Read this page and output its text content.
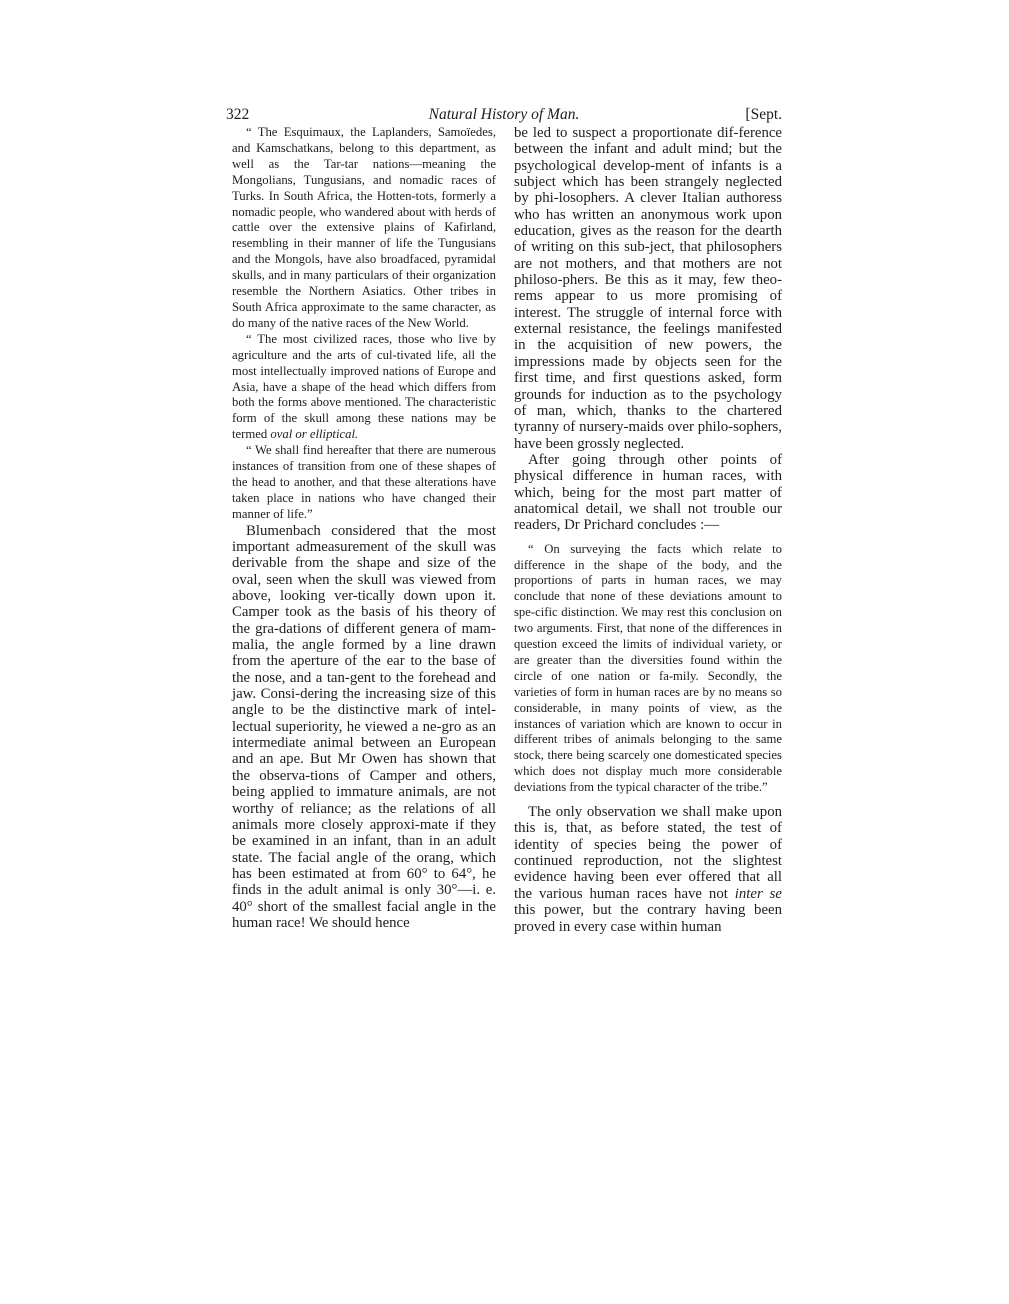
322	Natural History of Man.	[Sept.

“ The Esquimaux, the Laplanders, Samoïedes, and Kamschatkans, belong to this department, as well as the Tar-tar nations—meaning the Mongolians, Tungusians, and nomadic races of Turks. In South Africa, the Hotten-tots, formerly a nomadic people, who wandered about with herds of cattle over the extensive plains of Kafirland, resembling in their manner of life the Tungusians and the Mongols, have also broadfaced, pyramidal skulls, and in many particulars of their organization resemble the Northern Asiatics. Other tribes in South Africa approximate to the same character, as do many of the native races of the New World.

“ The most civilized races, those who live by agriculture and the arts of cul-tivated life, all the most intellectually improved nations of Europe and Asia, have a shape of the head which differs from both the forms above mentioned. The characteristic form of the skull among these nations may be termed oval or elliptical.

“ We shall find hereafter that there are numerous instances of transition from one of these shapes of the head to another, and that these alterations have taken place in nations who have changed their manner of life.”

Blumenbach considered that the most important admeasurement of the skull was derivable from the shape and size of the oval, seen when the skull was viewed from above, looking ver-tically down upon it. Camper took as the basis of his theory of the gra-dations of different genera of mam-malia, the angle formed by a line drawn from the aperture of the ear to the base of the nose, and a tan-gent to the forehead and jaw. Consi-dering the increasing size of this angle to be the distinctive mark of intel-lectual superiority, he viewed a ne-gro as an intermediate animal between an European and an ape. But Mr Owen has shown that the observa-tions of Camper and others, being applied to immature animals, are not worthy of reliance; as the relations of all animals more closely approxi-mate if they be examined in an infant, than in an adult state. The facial angle of the orang, which has been estimated at from 60° to 64°, he finds in the adult animal is only 30°—i. e. 40° short of the smallest facial angle in the human race! We should hence

be led to suspect a proportionate dif-ference between the infant and adult mind; but the psychological develop-ment of infants is a subject which has been strangely neglected by phi-losophers. A clever Italian authoress who has written an anonymous work upon education, gives as the reason for the dearth of writing on this sub-ject, that philosophers are not mothers, and that mothers are not philoso-phers. Be this as it may, few theo-rems appear to us more promising of interest. The struggle of internal force with external resistance, the feelings manifested in the acquisition of new powers, the impressions made by objects seen for the first time, and first questions asked, form grounds for induction as to the psychology of man, which, thanks to the chartered tyranny of nursery-maids over philo-sophers, have been grossly neglected.

After going through other points of physical difference in human races, with which, being for the most part matter of anatomical detail, we shall not trouble our readers, Dr Prichard concludes :—

“ On surveying the facts which relate to difference in the shape of the body, and the proportions of parts in human races, we may conclude that none of these deviations amount to spe-cific distinction. We may rest this conclusion on two arguments. First, that none of the differences in question exceed the limits of individual variety, or are greater than the diversities found within the circle of one nation or fa-mily. Secondly, the varieties of form in human races are by no means so considerable, in many points of view, as the instances of variation which are known to occur in different tribes of animals belonging to the same stock, there being scarcely one domesticated species which does not display much more considerable deviations from the typical character of the tribe.”

The only observation we shall make upon this is, that, as before stated, the test of identity of species being the power of continued reproduction, not the slightest evidence having been ever offered that all the various human races have not inter se this power, but the contrary having been proved in every case within human
